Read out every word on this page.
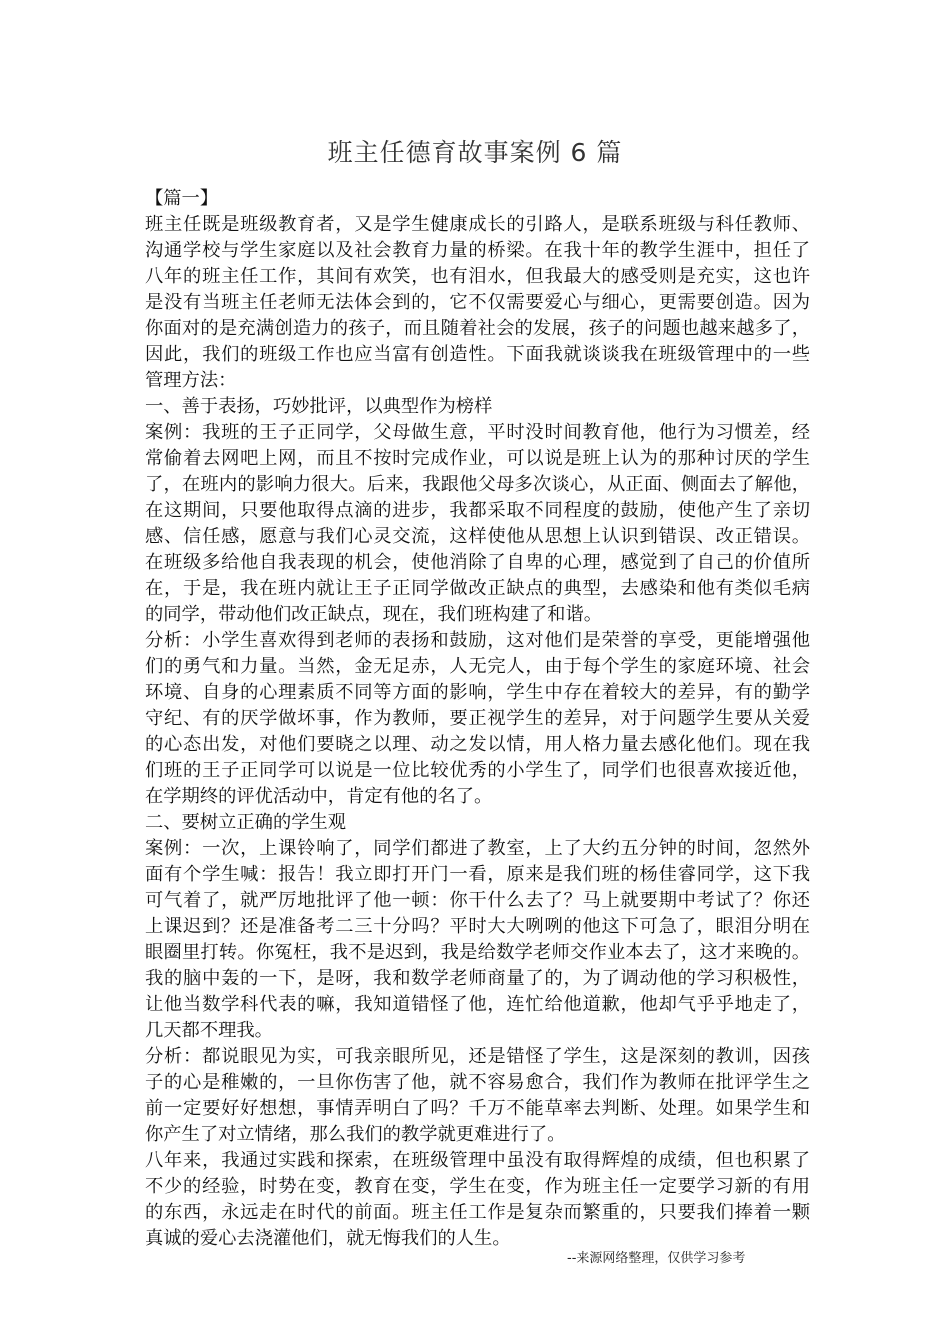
班主任德育故事案例 6 篇
【篇一】
班主任既是班级教育者，又是学生健康成长的引路人，是联系班级与科任教师、
沟通学校与学生家庭以及社会教育力量的桥梁。在我十年的教学生涯中，担任了
八年的班主任工作，其间有欢笑，也有泪水，但我最大的感受则是充实，这也许
是没有当班主任老师无法体会到的，它不仅需要爱心与细心，更需要创造。因为
你面对的是充满创造力的孩子，而且随着社会的发展，孩子的问题也越来越多了，
因此，我们的班级工作也应当富有创造性。下面我就谈谈我在班级管理中的一些
管理方法：
一、善于表扬，巧妙批评，以典型作为榜样
案例：我班的王子正同学，父母做生意，平时没时间教育他，他行为习惯差，经
常偷着去网吧上网，而且不按时完成作业，可以说是班上认为的那种讨厌的学生
了，在班内的影响力很大。后来，我跟他父母多次谈心，从正面、侧面去了解他，
在这期间，只要他取得点滴的进步，我都采取不同程度的鼓励，使他产生了亲切
感、信任感，愿意与我们心灵交流，这样使他从思想上认识到错误、改正错误。
在班级多给他自我表现的机会，使他消除了自卑的心理，感觉到了自己的价值所
在，于是，我在班内就让王子正同学做改正缺点的典型，去感染和他有类似毛病
的同学，带动他们改正缺点，现在，我们班构建了和谐。
分析：小学生喜欢得到老师的表扬和鼓励，这对他们是荣誉的享受，更能增强他
们的勇气和力量。当然，金无足赤，人无完人，由于每个学生的家庭环境、社会
环境、自身的心理素质不同等方面的影响，学生中存在着较大的差异，有的勤学
守纪、有的厌学做坏事，作为教师，要正视学生的差异，对于问题学生要从关爱
的心态出发，对他们要晓之以理、动之发以情，用人格力量去感化他们。现在我
们班的王子正同学可以说是一位比较优秀的小学生了，同学们也很喜欢接近他，
在学期终的评优活动中，肯定有他的名了。
二、要树立正确的学生观
案例：一次，上课铃响了，同学们都进了教室，上了大约五分钟的时间，忽然外
面有个学生喊：报告！我立即打开门一看，原来是我们班的杨佳睿同学，这下我
可气着了，就严厉地批评了他一顿：你干什么去了？马上就要期中考试了？你还
上课迟到？还是准备考二三十分吗？平时大大咧咧的他这下可急了，眼泪分明在
眼圈里打转。你冤枉，我不是迟到，我是给数学老师交作业本去了，这才来晚的。
我的脑中轰的一下，是呀，我和数学老师商量了的，为了调动他的学习积极性，
让他当数学科代表的嘛，我知道错怪了他，连忙给他道歉，他却气乎乎地走了，
几天都不理我。
分析：都说眼见为实，可我亲眼所见，还是错怪了学生，这是深刻的教训，因孩
子的心是稚嫩的，一旦你伤害了他，就不容易愈合，我们作为教师在批评学生之
前一定要好好想想，事情弄明白了吗？千万不能草率去判断、处理。如果学生和
你产生了对立情绪，那么我们的教学就更难进行了。
八年来，我通过实践和探索，在班级管理中虽没有取得辉煌的成绩，但也积累了
不少的经验，时势在变，教育在变，学生在变，作为班主任一定要学习新的有用
的东西，永远走在时代的前面。班主任工作是复杂而繁重的，只要我们捧着一颗
真诚的爱心去浇灌他们，就无悔我们的人生。
--来源网络整理，仅供学习参考
